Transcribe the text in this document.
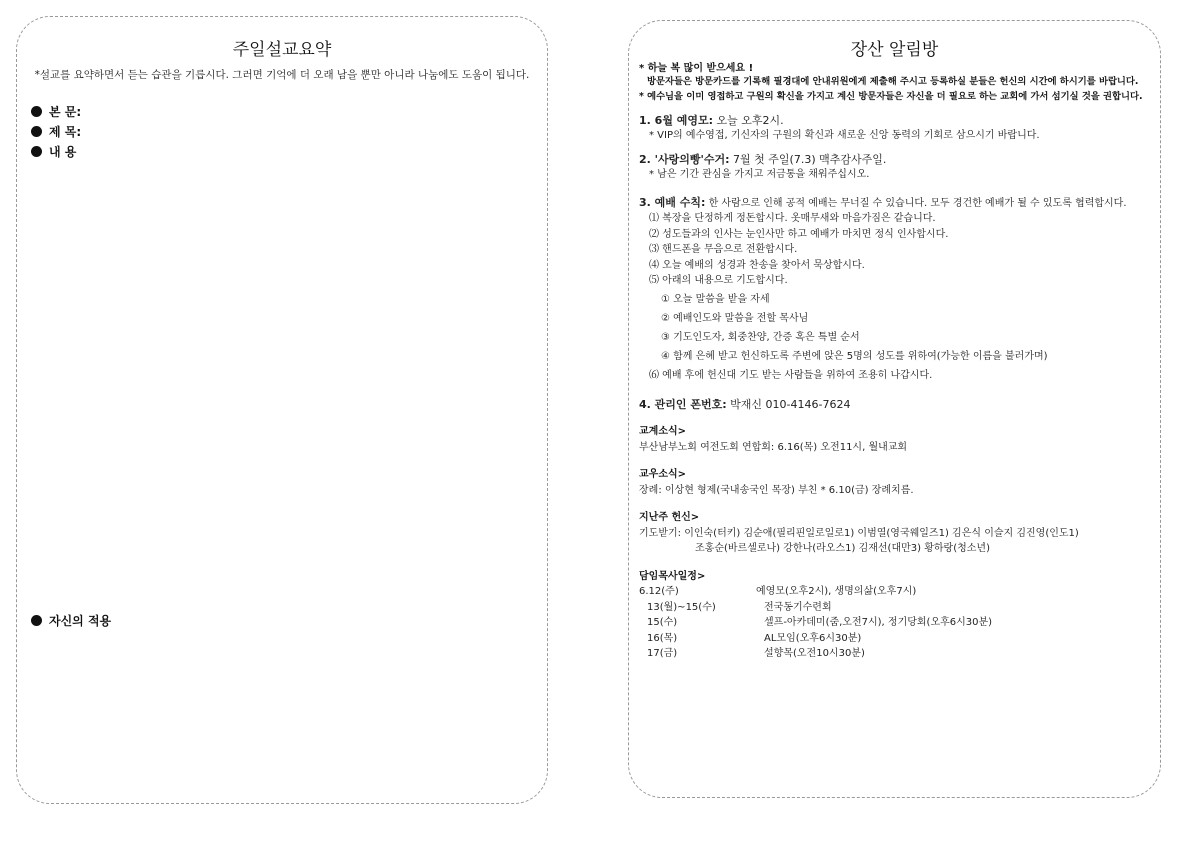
주일설교요약
*설교를 요약하면서 듣는 습관을 기릅시다. 그러면 기억에 더 오래 남을 뿐만 아니라 나눔에도 도움이 됩니다.
본 문:
제 목:
내 용
자신의 적용
장산 알림방
* 하늘 복 많이 받으세요 !
방문자들은 방문카드를 기록해 필경대에 안내위원에게 제출해 주시고 등록하실 분들은 헌신의 시간에 하시기를 바랍니다.
* 예수님을 이미 영접하고 구원의 확신을 가지고 계신 방문자들은 자신을 더 필요로 하는 교회에 가서 섬기실 것을 권합니다.
1. 6월 예영모: 오늘 오후2시.
* VIP의 예수영접, 기신자의 구원의 확신과 새로운 신앙 동력의 기회로 삼으시기 바랍니다.
2. '사랑의빵'수거: 7월 첫 주일(7.3) 맥추감사주일.
* 남은 기간 관심을 가지고 저금통을 채워주십시오.
3. 예배 수칙: 한 사람으로 인해 공적 예배는 무너질 수 있습니다. 모두 경건한 예배가 될 수 있도록 협력합시다.
⑴ 복장을 단정하게 정돈합시다. 옷매무새와 마음가짐은 같습니다.
⑵ 성도들과의 인사는 눈인사만 하고 예배가 마치면 정식 인사합시다.
⑶ 핸드폰을 무음으로 전환합시다.
⑷ 오늘 예배의 성경과 찬송을 찾아서 묵상합시다.
⑸ 아래의 내용으로 기도합시다.
① 오늘 말씀을 받을 자세
② 예배인도와 말씀을 전할 목사님
③ 기도인도자, 회중찬양, 간증 혹은 특별 순서
④ 함께 은혜 받고 헌신하도록 주변에 앉은 5명의 성도를 위하여(가능한 이름을 불러가며)
⑹ 예배 후에 헌신대 기도 받는 사람들을 위하여 조용히 나갑시다.
4. 관리인 폰번호: 박재신 010-4146-7624
교계소식>
부산남부노회 여전도회 연합회: 6.16(목) 오전11시, 월내교회
교우소식>
장례: 이상현 형제(국내송국인 목장) 부친 * 6.10(금) 장례치름.
지난주 헌신>
기도받기: 이인숙(터키) 김순애(필리핀일로일로1) 이범열(영국웨일즈1) 김은식 이슬지 김진영(인도1)
조홍순(바르셀로나) 강한나(라오스1) 김재선(대만3) 황하랑(청소년)
담임목사일정>
6.12(주)	예영모(오후2시), 생명의삶(오후7시)
13(월)~15(수)	전국동기수련회
15(수)	셀프-아카데미(줌,오전7시), 정기당회(오후6시30분)
16(목)	AL모임(오후6시30분)
17(금)	설향목(오전10시30분)
